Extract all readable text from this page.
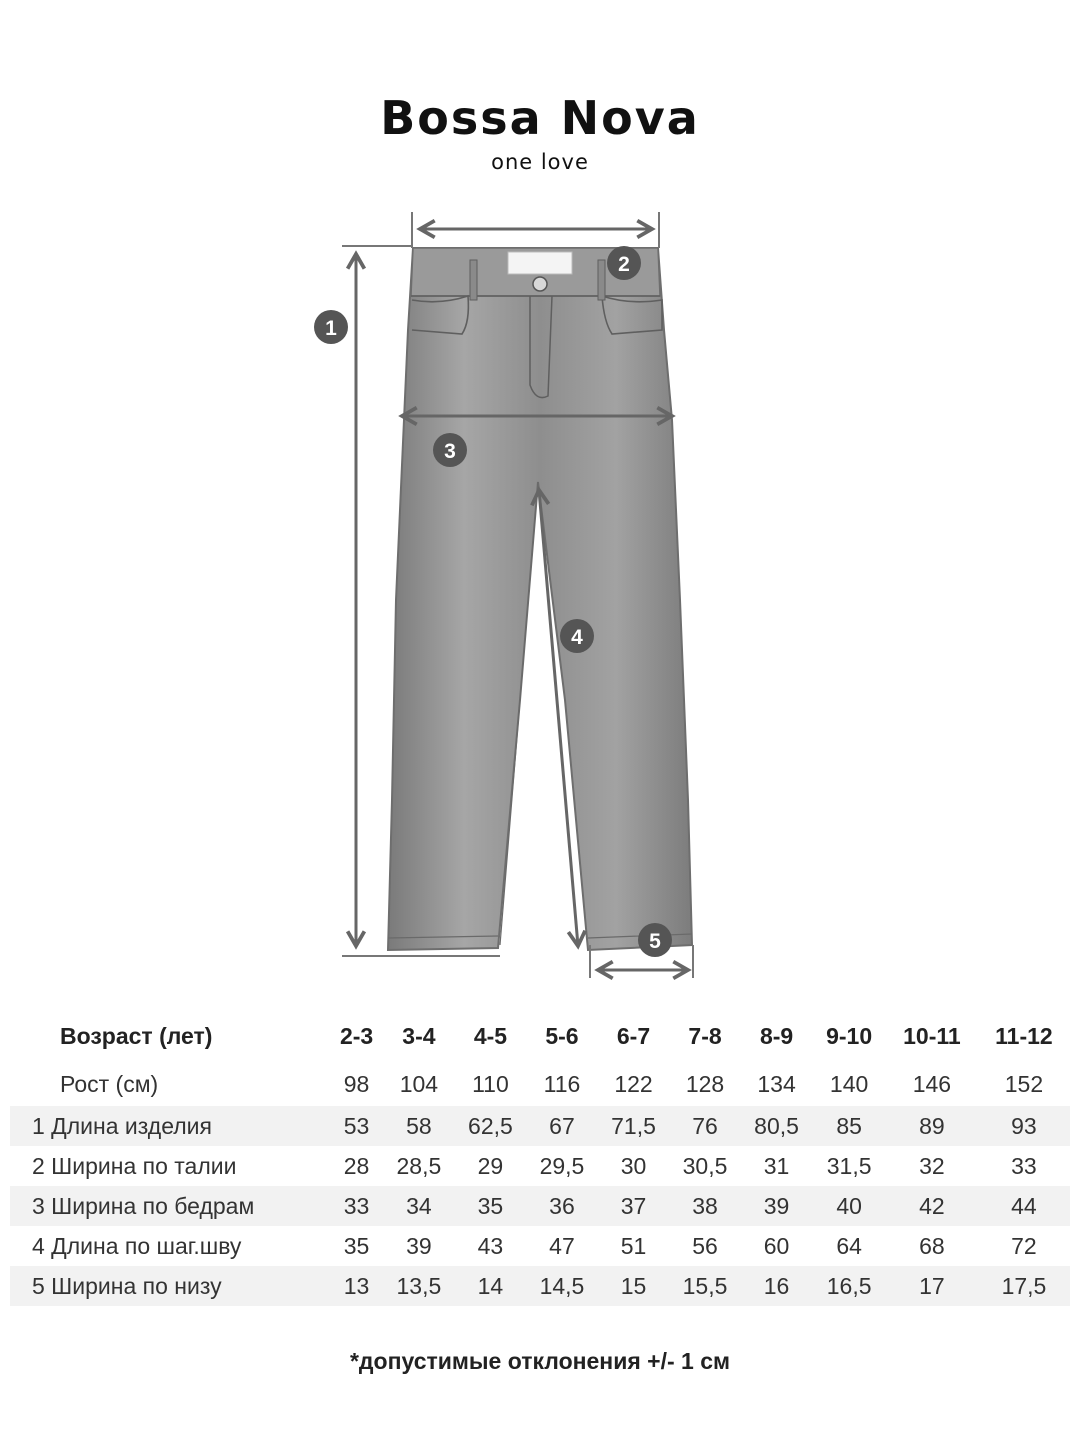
Bossa Nova
one love
1
2
3
4
5
Возраст (лет)	2-3	3-4	4-5	5-6	6-7	7-8	8-9	9-10	10-11	11-12
Рост (см)	98	104	110	116	122	128	134	140	146	152
1 Длина изделия	53	58	62,5	67	71,5	76	80,5	85	89	93
2 Ширина по талии	28	28,5	29	29,5	30	30,5	31	31,5	32	33
3 Ширина по бедрам	33	34	35	36	37	38	39	40	42	44
4 Длина по шаг.шву	35	39	43	47	51	56	60	64	68	72
5 Ширина по низу	13	13,5	14	14,5	15	15,5	16	16,5	17	17,5
*допустимые отклонения +/- 1 см
